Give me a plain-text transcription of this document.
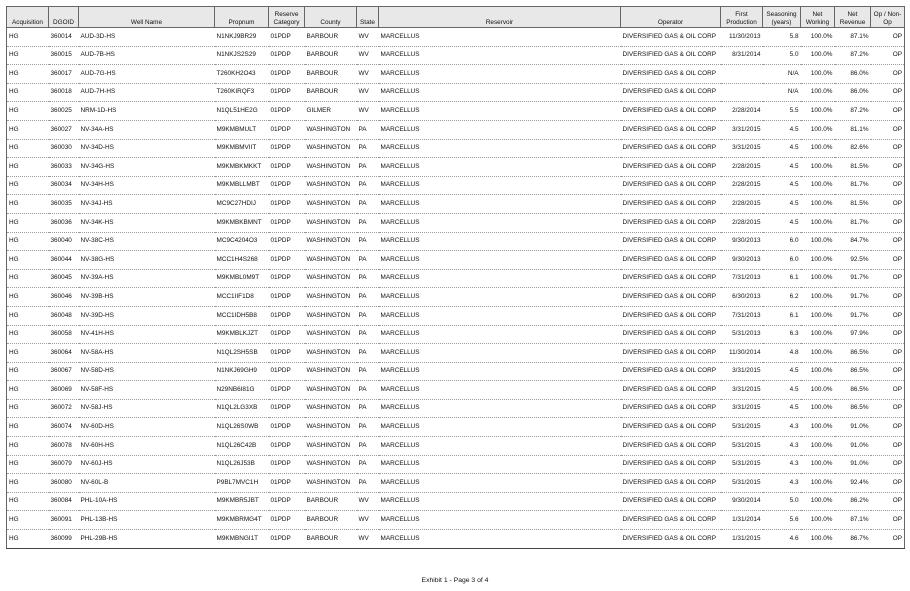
Acquisition	DGOID	Well Name	Propnum	Reserve Category	County	State	Reservoir	Operator	First Production	Seasoning (years)	Net Working	Net Revenue	Op / Non-Op
HG	360014	AUD-3D-HS	N1NKJ9BR29	01PDP	BARBOUR	WV	MARCELLUS	DIVERSIFIED GAS & OIL CORP	11/30/2013	5.8	100.0%	87.1%	OP
HG	360015	AUD-7B-HS	N1NKJS2S29	01PDP	BARBOUR	WV	MARCELLUS	DIVERSIFIED GAS & OIL CORP	8/31/2014	5.0	100.0%	87.2%	OP
HG	360017	AUD-7G-HS	T260KH2O43	01PDP	BARBOUR	WV	MARCELLUS	DIVERSIFIED GAS & OIL CORP		N/A	100.0%	86.0%	OP
HG	360018	AUD-7H-HS	T260KIRQF3	01PDP	BARBOUR	WV	MARCELLUS	DIVERSIFIED GAS & OIL CORP		N/A	100.0%	86.0%	OP
HG	360025	NRM-1D-HS	N1QL51HE2G	01PDP	GILMER	WV	MARCELLUS	DIVERSIFIED GAS & OIL CORP	2/28/2014	5.5	100.0%	87.2%	OP
HG	360027	NV-34A-HS	M9KMBMULT	01PDP	WASHINGTON	PA	MARCELLUS	DIVERSIFIED GAS & OIL CORP	3/31/2015	4.5	100.0%	81.1%	OP
HG	360030	NV-34D-HS	M9KMBMVIIT	01PDP	WASHINGTON	PA	MARCELLUS	DIVERSIFIED GAS & OIL CORP	3/31/2015	4.5	100.0%	82.6%	OP
HG	360033	NV-34G-HS	M9KMBKMKKT	01PDP	WASHINGTON	PA	MARCELLUS	DIVERSIFIED GAS & OIL CORP	2/28/2015	4.5	100.0%	81.5%	OP
HG	360034	NV-34H-HS	M9KMBLLMBT	01PDP	WASHINGTON	PA	MARCELLUS	DIVERSIFIED GAS & OIL CORP	2/28/2015	4.5	100.0%	81.7%	OP
HG	360035	NV-34J-HS	MC9C27HDIJ	01PDP	WASHINGTON	PA	MARCELLUS	DIVERSIFIED GAS & OIL CORP	2/28/2015	4.5	100.0%	81.5%	OP
HG	360036	NV-34K-HS	M9KMBKBMNT	01PDP	WASHINGTON	PA	MARCELLUS	DIVERSIFIED GAS & OIL CORP	2/28/2015	4.5	100.0%	81.7%	OP
HG	360040	NV-38C-HS	MC9C4204O3	01PDP	WASHINGTON	PA	MARCELLUS	DIVERSIFIED GAS & OIL CORP	9/30/2013	6.0	100.0%	84.7%	OP
HG	360044	NV-38G-HS	MCC1H4S268	01PDP	WASHINGTON	PA	MARCELLUS	DIVERSIFIED GAS & OIL CORP	9/30/2013	6.0	100.0%	92.5%	OP
HG	360045	NV-39A-HS	M9KMBL0M9T	01PDP	WASHINGTON	PA	MARCELLUS	DIVERSIFIED GAS & OIL CORP	7/31/2013	6.1	100.0%	91.7%	OP
HG	360046	NV-39B-HS	MCC1IIF1D8	01PDP	WASHINGTON	PA	MARCELLUS	DIVERSIFIED GAS & OIL CORP	6/30/2013	6.2	100.0%	91.7%	OP
HG	360048	NV-39D-HS	MCC1IDH5B8	01PDP	WASHINGTON	PA	MARCELLUS	DIVERSIFIED GAS & OIL CORP	7/31/2013	6.1	100.0%	91.7%	OP
HG	360058	NV-41H-HS	M9KMBLKJZT	01PDP	WASHINGTON	PA	MARCELLUS	DIVERSIFIED GAS & OIL CORP	5/31/2013	6.3	100.0%	97.9%	OP
HG	360064	NV-58A-HS	N1QL2SH5SB	01PDP	WASHINGTON	PA	MARCELLUS	DIVERSIFIED GAS & OIL CORP	11/30/2014	4.8	100.0%	86.5%	OP
HG	360067	NV-58D-HS	N1NKJ69GH9	01PDP	WASHINGTON	PA	MARCELLUS	DIVERSIFIED GAS & OIL CORP	3/31/2015	4.5	100.0%	86.5%	OP
HG	360069	NV-58F-HS	N29NB6I81G	01PDP	WASHINGTON	PA	MARCELLUS	DIVERSIFIED GAS & OIL CORP	3/31/2015	4.5	100.0%	86.5%	OP
HG	360072	NV-58J-HS	N1QL2LG3XB	01PDP	WASHINGTON	PA	MARCELLUS	DIVERSIFIED GAS & OIL CORP	3/31/2015	4.5	100.0%	86.5%	OP
HG	360074	NV-60D-HS	N1QL26S0WB	01PDP	WASHINGTON	PA	MARCELLUS	DIVERSIFIED GAS & OIL CORP	5/31/2015	4.3	100.0%	91.0%	OP
HG	360078	NV-60H-HS	N1QL26C42B	01PDP	WASHINGTON	PA	MARCELLUS	DIVERSIFIED GAS & OIL CORP	5/31/2015	4.3	100.0%	91.0%	OP
HG	360079	NV-60J-HS	N1QL26J53B	01PDP	WASHINGTON	PA	MARCELLUS	DIVERSIFIED GAS & OIL CORP	5/31/2015	4.3	100.0%	91.0%	OP
HG	360080	NV-60L-B	P9BL7MVC1H	01PDP	WASHINGTON	PA	MARCELLUS	DIVERSIFIED GAS & OIL CORP	5/31/2015	4.3	100.0%	92.4%	OP
HG	360084	PHL-10A-HS	M9KMBR5JBT	01PDP	BARBOUR	WV	MARCELLUS	DIVERSIFIED GAS & OIL CORP	9/30/2014	5.0	100.0%	86.2%	OP
HG	360091	PHL-13B-HS	M9KMBRMG4T	01PDP	BARBOUR	WV	MARCELLUS	DIVERSIFIED GAS & OIL CORP	1/31/2014	5.6	100.0%	87.1%	OP
HG	360099	PHL-29B-HS	M9KMBNGI1T	01PDP	BARBOUR	WV	MARCELLUS	DIVERSIFIED GAS & OIL CORP	1/31/2015	4.6	100.0%	86.7%	OP
Exhibit 1 - Page 3 of 4
